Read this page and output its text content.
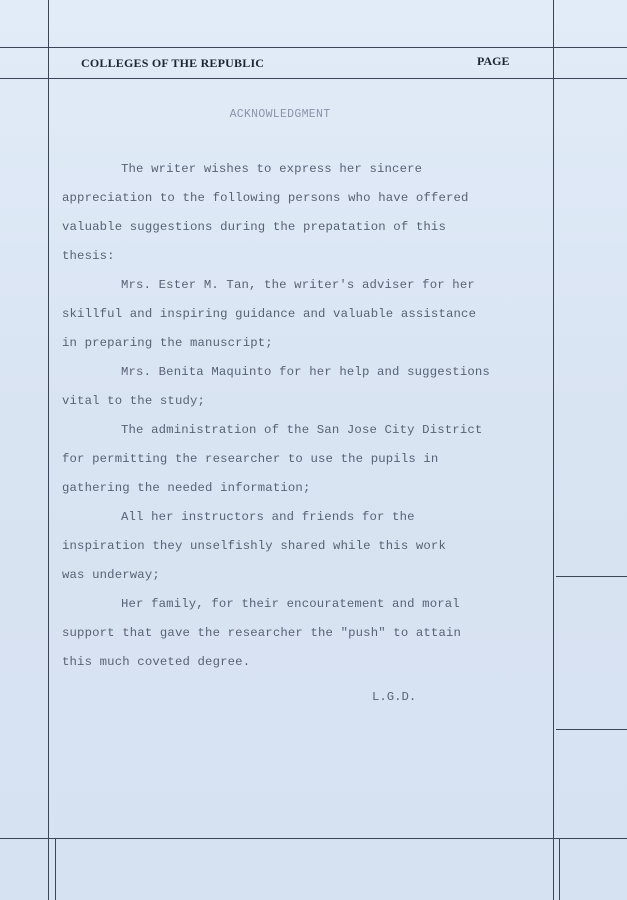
COLLEGES OF THE REPUBLIC	PAGE
ACKNOWLEDGMENT
The writer wishes to express her sincere
appreciation to the following persons who have offered
valuable suggestions during the prepatation of this
thesis:
Mrs. Ester M. Tan, the writer's adviser for her
skillful and inspiring guidance and valuable assistance
in preparing the manuscript;
Mrs. Benita Maquinto for her help and suggestions
vital to the study;
The administration of the San Jose City District
for permitting the researcher to use the pupils in
gathering the needed information;
All her instructors and friends for the
inspiration they unselfishly shared while this work
was underway;
Her family, for their encouratement and moral
support that gave the researcher the "push" to attain
this much coveted degree.
L.G.D.
